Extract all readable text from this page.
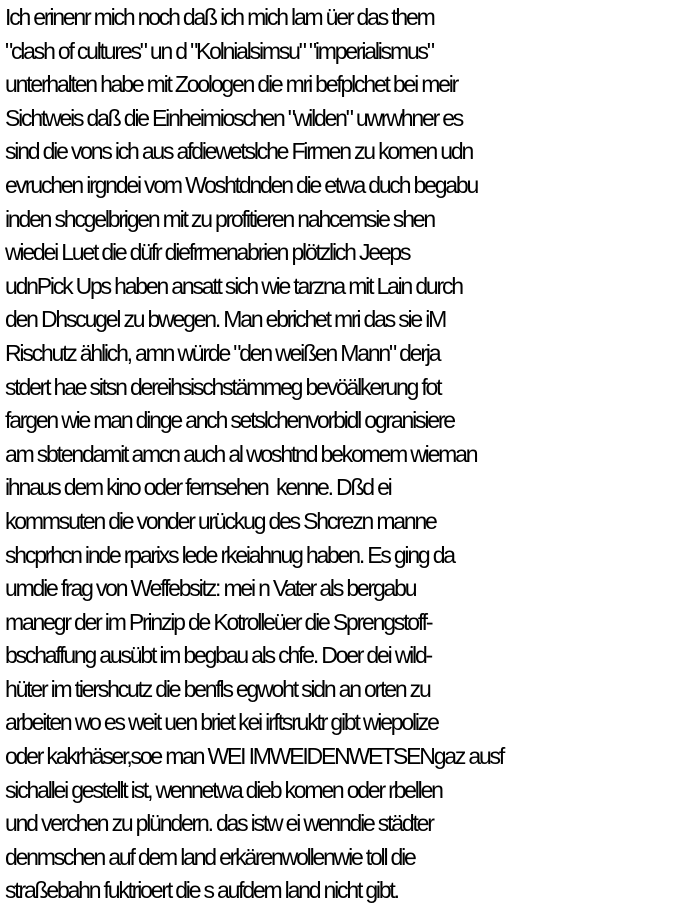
Ich erinenr mich noch daß ich mich lam üer das them
"clash of cultures" un d "Kolnialsimsu" "imperialismus"
unterhalten habe mit Zoologen die mri befplchet bei meir
Sichtweis daß die Einheimioschen "wilden" uwrwhner es
sind die vons ich aus afdiewetslche Firmen zu komen udn
evruchen irgndei vom Woshtdnden die etwa duch begabu
inden shcgelbrigen mit zu profitieren nahcemsie shen
wiedei Luet die düfr diefrmenabrien plötzlich Jeeps
udnPick Ups haben ansatt sich wie tarzna mit Lain durch
den Dhscugel zu bwegen. Man ebrichet mri das sie iM
Rischutz ählich, amn würde "den weißen Mann" derja
stdert hae sitsn dereihsischstämmeg bevöälkerung fot
fargen wie man dinge anch setslchenvorbidl ogranisiere
am sbtendamit amcn auch al woshtnd bekomem wieman
ihnaus dem kino oder fernsehen  kenne. Dßd ei
kommsuten die vonder urückug des Shcrezn manne
shcprhcn inde rparixs lede rkeiahnug haben. Es ging da
umdie frag von Weffebsitz: mei n Vater als bergabu
manegr der im Prinzip de Kotrolleüer die Sprengstoff-
bschaffung ausübt im begbau als chfe. Doer dei wild-
hüter im tiershcutz die benfls egwoht sidn an orten zu
arbeiten wo es weit uen briet kei irftsruktr gibt wiepolize
oder kakrhäser,soe man WEI IMWEIDENWETSENgaz ausf
sichallei gestellt ist, wennetwa dieb komen oder rbellen
und verchen zu plündern. das istw ei wenndie städter
denmschen auf dem land erkärenwollenwie toll die
straßebahn fuktrioert die s aufdem land nicht gibt.
